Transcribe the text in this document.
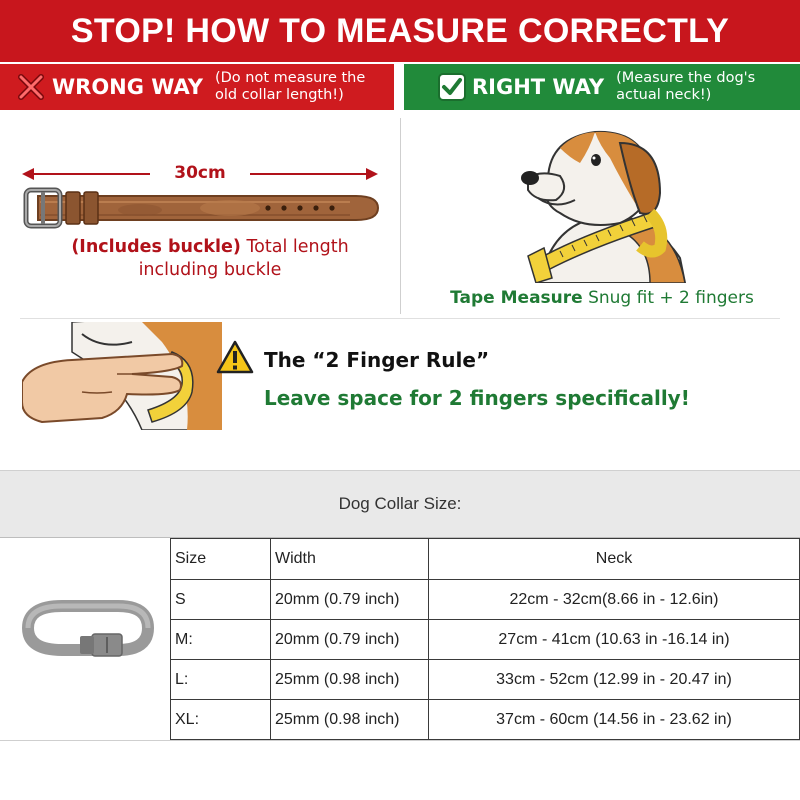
STOP! HOW TO MEASURE CORRECTLY
WRONG WAY (Do not measure the
old collar length!)	RIGHT WAY (Measure the dog's
actual neck!)
30cm
(Includes buckle) Total length
including buckle
Tape Measure Snug fit + 2 fingers
The “2 Finger Rule”
Leave space for 2 fingers specifically!
Dog Collar Size:
Size	Width	Neck
S	20mm (0.79 inch)	22cm - 32cm(8.66 in - 12.6in)
M:	20mm (0.79 inch)	27cm - 41cm (10.63 in -16.14 in)
L:	25mm (0.98 inch)	33cm - 52cm (12.99 in - 20.47 in)
XL:	25mm (0.98 inch)	37cm - 60cm (14.56 in - 23.62 in)
